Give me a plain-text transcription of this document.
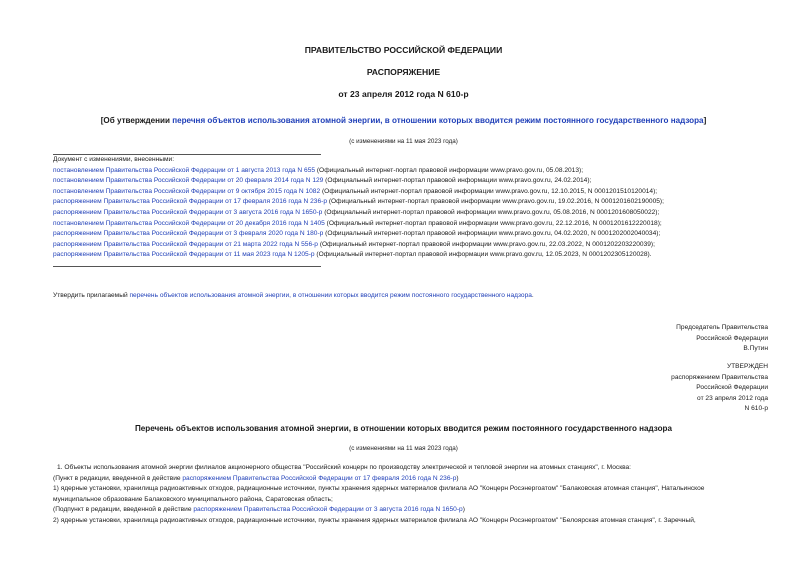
ПРАВИТЕЛЬСТВО РОССИЙСКОЙ ФЕДЕРАЦИИ
РАСПОРЯЖЕНИЕ
от 23 апреля 2012 года N 610-р
[Об утверждении перечня объектов использования атомной энергии, в отношении которых вводится режим постоянного государственного надзора]
(с изменениями на 11 мая 2023 года)
Документ с изменениями, внесенными:
постановлением Правительства Российской Федерации от 1 августа 2013 года N 655 (Официальный интернет-портал правовой информации www.pravo.gov.ru, 05.08.2013);
постановлением Правительства Российской Федерации от 20 февраля 2014 года N 129 (Официальный интернет-портал правовой информации www.pravo.gov.ru, 24.02.2014);
постановлением Правительства Российской Федерации от 9 октября 2015 года N 1082 (Официальный интернет-портал правовой информации www.pravo.gov.ru, 12.10.2015, N 0001201510120014);
распоряжением Правительства Российской Федерации от 17 февраля 2016 года N 236-р (Официальный интернет-портал правовой информации www.pravo.gov.ru, 19.02.2016, N 0001201602190005);
распоряжением Правительства Российской Федерации от 3 августа 2016 года N 1650-р (Официальный интернет-портал правовой информации www.pravo.gov.ru, 05.08.2016, N 0001201608050022);
постановлением Правительства Российской Федерации от 20 декабря 2016 года N 1405 (Официальный интернет-портал правовой информации www.pravo.gov.ru, 22.12.2016, N 0001201612220018);
распоряжением Правительства Российской Федерации от 3 февраля 2020 года N 180-р (Официальный интернет-портал правовой информации www.pravo.gov.ru, 04.02.2020, N 0001202002040034);
распоряжением Правительства Российской Федерации от 21 марта 2022 года N 556-р (Официальный интернет-портал правовой информации www.pravo.gov.ru, 22.03.2022, N 0001202203220039);
распоряжением Правительства Российской Федерации от 11 мая 2023 года N 1205-р (Официальный интернет-портал правовой информации www.pravo.gov.ru, 12.05.2023, N 0001202305120028).
Утвердить прилагаемый перечень объектов использования атомной энергии, в отношении которых вводится режим постоянного государственного надзора.
Председатель Правительства
Российской Федерации
В.Путин
УТВЕРЖДЕН
распоряжением Правительства
Российской Федерации
от 23 апреля 2012 года
N 610-р
Перечень объектов использования атомной энергии, в отношении которых вводится режим постоянного государственного надзора
(с изменениями на 11 мая 2023 года)
1. Объекты использования атомной энергии филиалов акционерного общества "Российский концерн по производству электрической и тепловой энергии на атомных станциях", г. Москва:
(Пункт в редакции, введенной в действие распоряжением Правительства Российской Федерации от 17 февраля 2016 года N 236-р)
1) ядерные установки, хранилища радиоактивных отходов, радиационные источники, пункты хранения ядерных материалов филиала АО "Концерн Росэнергоатом" "Балаковская атомная станция", Натальинское
муниципальное образование Балаковского муниципального района, Саратовская область;
(Подпункт в редакции, введенной в действие распоряжением Правительства Российской Федерации от 3 августа 2016 года N 1650-р)
2) ядерные установки, хранилища радиоактивных отходов, радиационные источники, пункты хранения ядерных материалов филиала АО "Концерн Росэнергоатом" "Белоярская атомная станция", г. Заречный,
